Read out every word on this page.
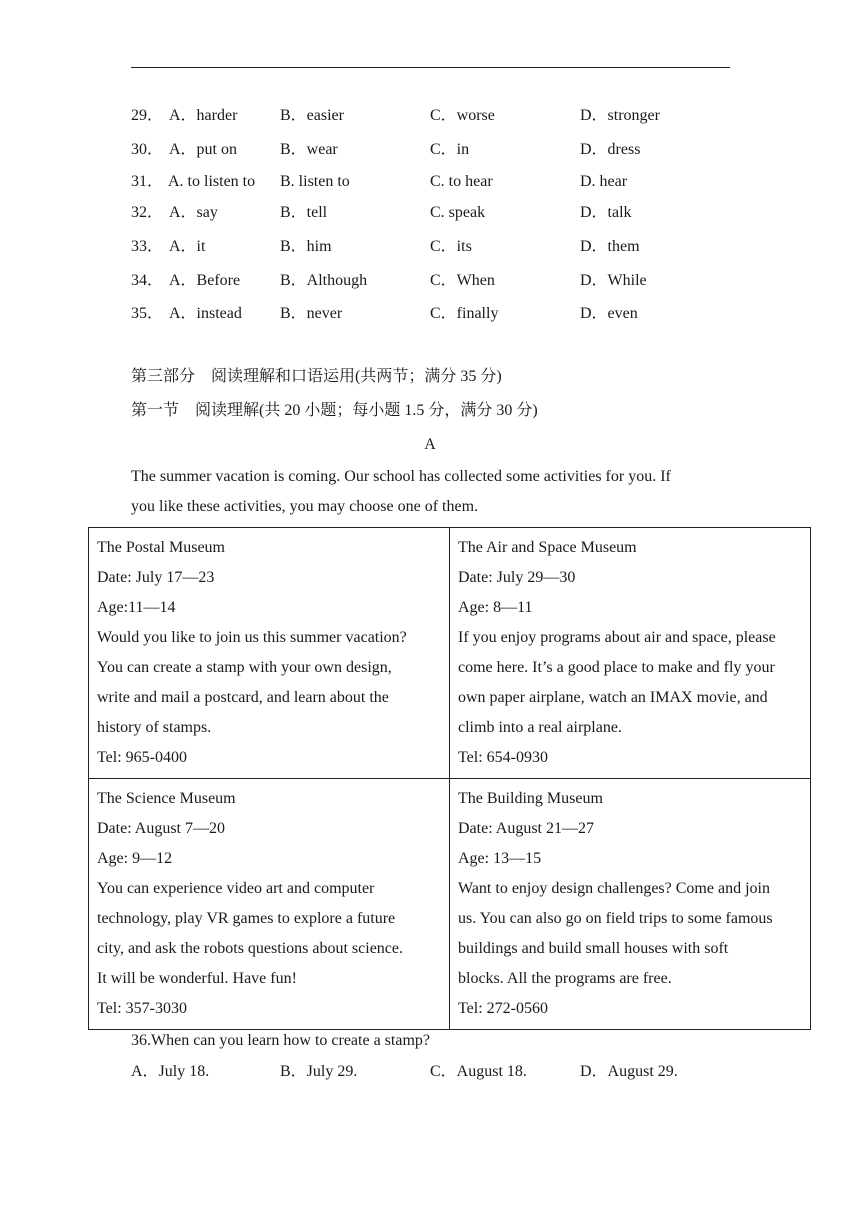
29． A．harder	B．easier	C．worse	D．stronger
30． A．put on	B．wear	C．in	D．dress
31． A. to listen to B. listen to	C. to hear	D. hear
32． A．say	B．tell	C. speak	D．talk
33． A．it	B．him	C．its	D．them
34． A．Before B．Although	C．When	D．While
35． A．instead B．never	C．finally	D．even
第三部分　阅读理解和口语运用(共两节；满分 35 分)
第一节　阅读理解(共 20 小题；每小题 1.5 分，满分 30 分)
A
The summer vacation is coming. Our school has collected some activities for you. If
you like these activities, you may choose one of them.
The Postal Museum
Date: July 17—23
Age:11—14
Would you like to join us this summer vacation?
You can create a stamp with your own design,
write and mail a postcard, and learn about the
history of stamps.
Tel: 965-0400
The Air and Space Museum
Date: July 29—30
Age: 8—11
If you enjoy programs about air and space, please
come here. It’s a good place to make and fly your
own paper airplane, watch an IMAX movie, and
climb into a real airplane.
Tel: 654-0930
The Science Museum
Date: August 7—20
Age: 9—12
You can experience video art and computer
technology, play VR games to explore a future
city, and ask the robots questions about science.
It will be wonderful. Have fun!
Tel: 357-3030
The Building Museum
Date: August 21—27
Age: 13—15
Want to enjoy design challenges? Come and join
us. You can also go on field trips to some famous
buildings and build small houses with soft
blocks. All the programs are free.
Tel: 272-0560
36.When can you learn how to create a stamp?
A．July 18.	B．July 29.	C．August 18.	D．August 29.
